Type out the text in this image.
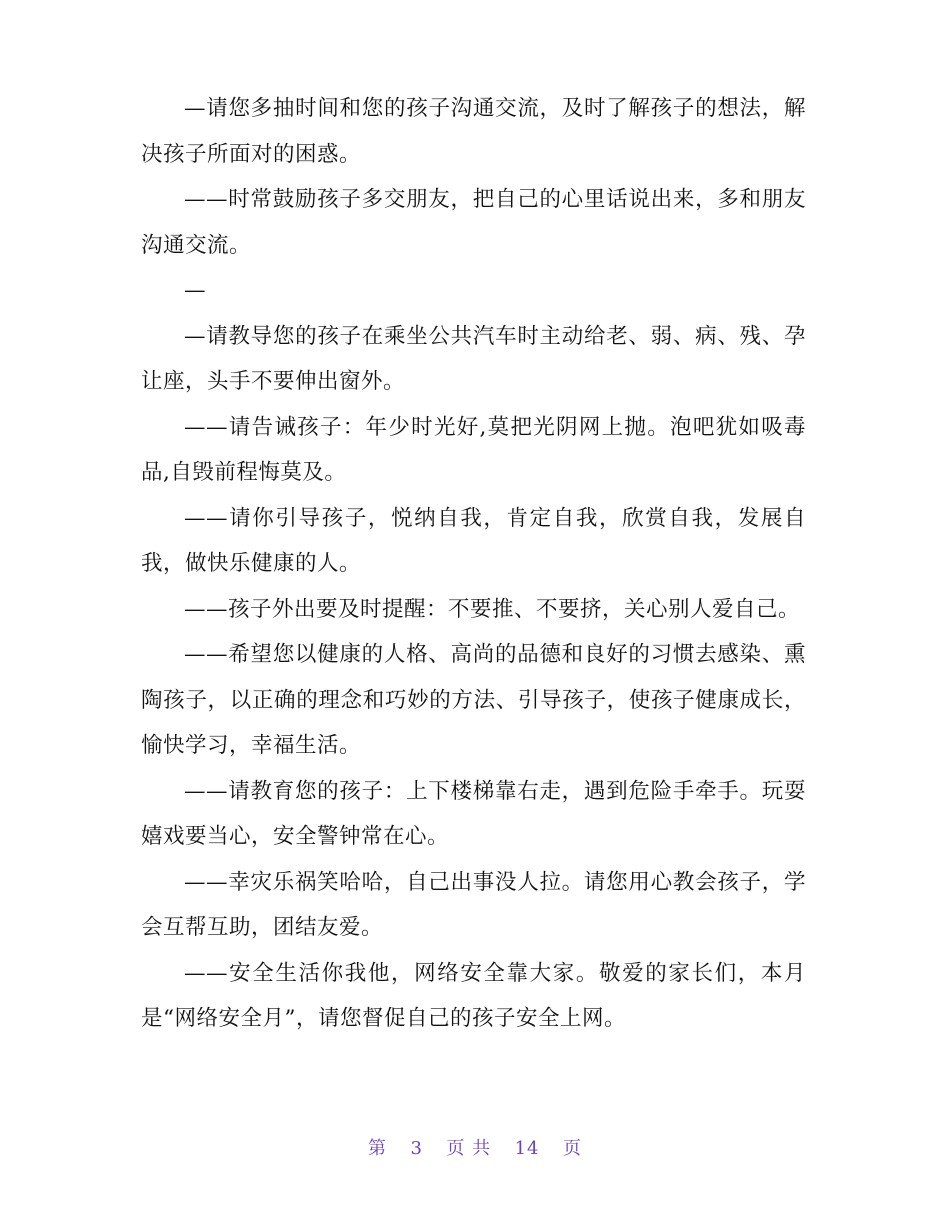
—请您多抽时间和您的孩子沟通交流，及时了解孩子的想法，解决孩子所面对的困惑。

——时常鼓励孩子多交朋友，把自己的心里话说出来，多和朋友沟通交流。

—

—请教导您的孩子在乘坐公共汽车时主动给老、弱、病、残、孕让座，头手不要伸出窗外。

——请告诫孩子：年少时光好,莫把光阴网上抛。泡吧犹如吸毒品,自毁前程悔莫及。

——请你引导孩子，悦纳自我，肯定自我，欣赏自我，发展自我，做快乐健康的人。

——孩子外出要及时提醒：不要推、不要挤，关心别人爱自己。

——希望您以健康的人格、高尚的品德和良好的习惯去感染、熏陶孩子，以正确的理念和巧妙的方法、引导孩子，使孩子健康成长，愉快学习，幸福生活。

——请教育您的孩子：上下楼梯靠右走，遇到危险手牵手。玩耍嬉戏要当心，安全警钟常在心。

——幸灾乐祸笑哈哈，自己出事没人拉。请您用心教会孩子，学会互帮互助，团结友爱。

——安全生活你我他，网络安全靠大家。敬爱的家长们，本月是“网络安全月”，请您督促自己的孩子安全上网。

第 3 页 共 14 页
